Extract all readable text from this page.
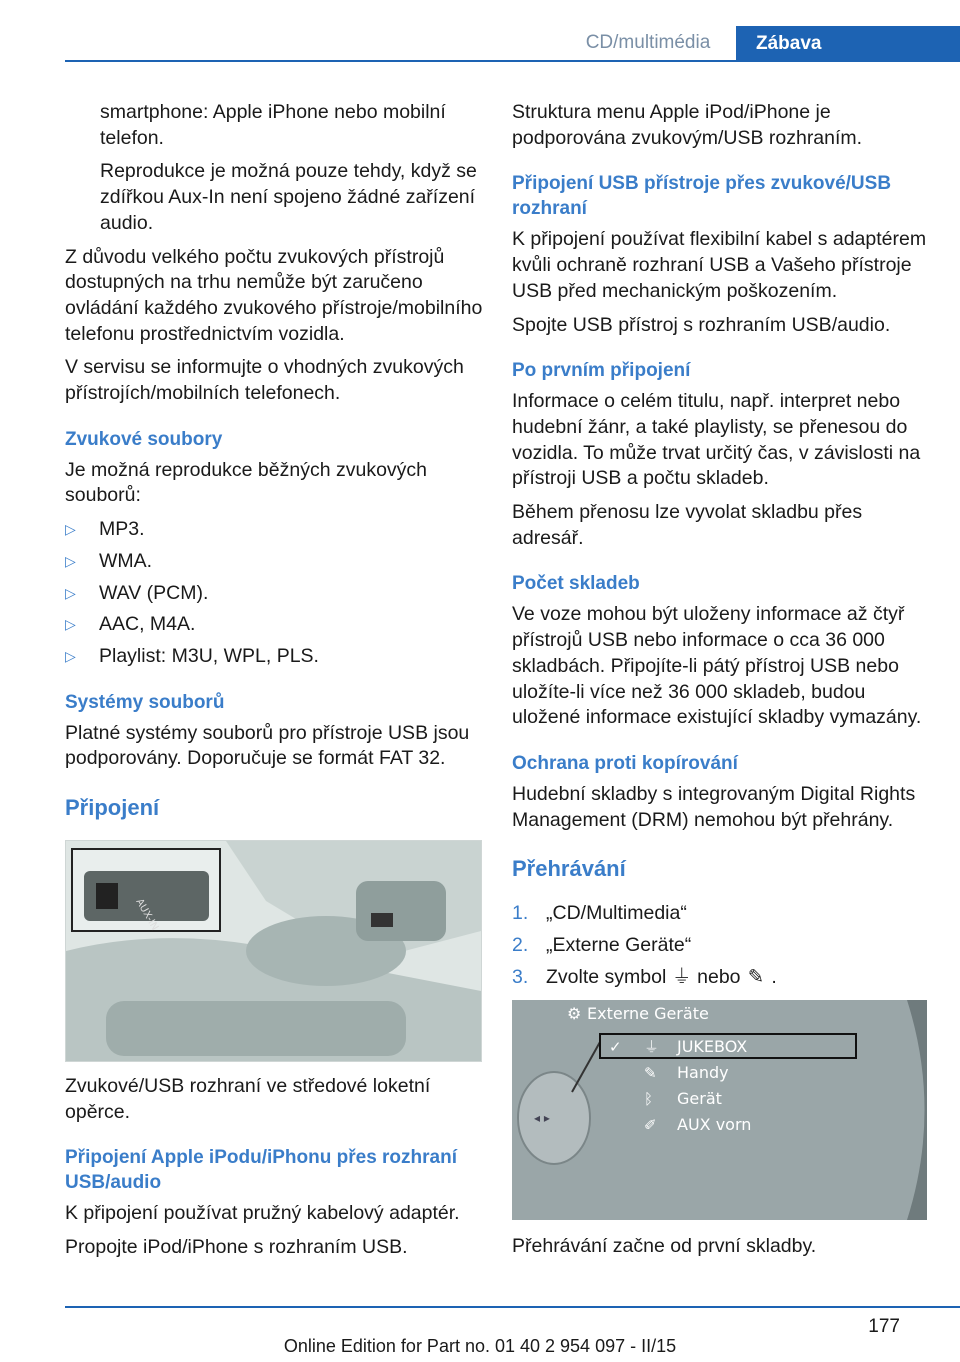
CD/multimédia	Zábava

smartphone: Apple iPhone nebo mobilní telefon.

Reprodukce je možná pouze tehdy, když se zdířkou Aux-In není spojeno žádné zařízení audio.

Z důvodu velkého počtu zvukových přístrojů dostupných na trhu nemůže být zaručeno ovládání každého zvukového přístroje/mobilního telefonu prostřednictvím vozidla.

V servisu se informujte o vhodných zvukových přístrojích/mobilních telefonech.

Zvukové soubory

Je možná reprodukce běžných zvukových souborů:

▷ MP3.
▷ WMA.
▷ WAV (PCM).
▷ AAC, M4A.
▷ Playlist: M3U, WPL, PLS.
Systémy souborů

Platné systémy souborů pro přístroje USB jsou podporovány. Doporučuje se formát FAT 32.

Připojení
AUX-IN

Zvukové/USB rozhraní ve středové loketní opěrce.

Připojení Apple iPodu/iPhonu přes rozhraní USB/audio

K připojení používat pružný kabelový adaptér.

Propojte iPod/iPhone s rozhraním USB.

Struktura menu Apple iPod/iPhone je podporována zvukovým/USB rozhraním.

Připojení USB přístroje přes zvukové/USB rozhraní

K připojení používat flexibilní kabel s adaptérem kvůli ochraně rozhraní USB a Vašeho přístroje USB před mechanickým poškozením.

Spojte USB přístroj s rozhraním USB/audio.

Po prvním připojení

Informace o celém titulu, např. interpret nebo hudební žánr, a také playlisty, se přenesou do vozidla. To může trvat určitý čas, v závislosti na přístroji USB a počtu skladeb.

Během přenosu lze vyvolat skladbu přes adresář.

Počet skladeb

Ve voze mohou být uloženy informace až čtyř přístrojů USB nebo informace o cca 36 000 skladbách. Připojíte-li pátý přístroj USB nebo uložíte-li více než 36 000 skladeb, budou uložené informace existující skladby vymazány.

Ochrana proti kopírování

Hudební skladby s integrovaným Digital Rights Management (DRM) nemohou být přehrány.

Přehrávání
1. „CD/Multimedia“
2. „Externe Geräte“
3. Zvolte symbol ⏚ nebo ✎ .
◂ ▸
⚙ Externe Geräte
✓ ⏚
✎
ᛒ
✐
JUKEBOX
Handy
Gerät
AUX vorn

Přehrávání začne od první skladby.

177
Online Edition for Part no. 01 40 2 954 097 - II/15
